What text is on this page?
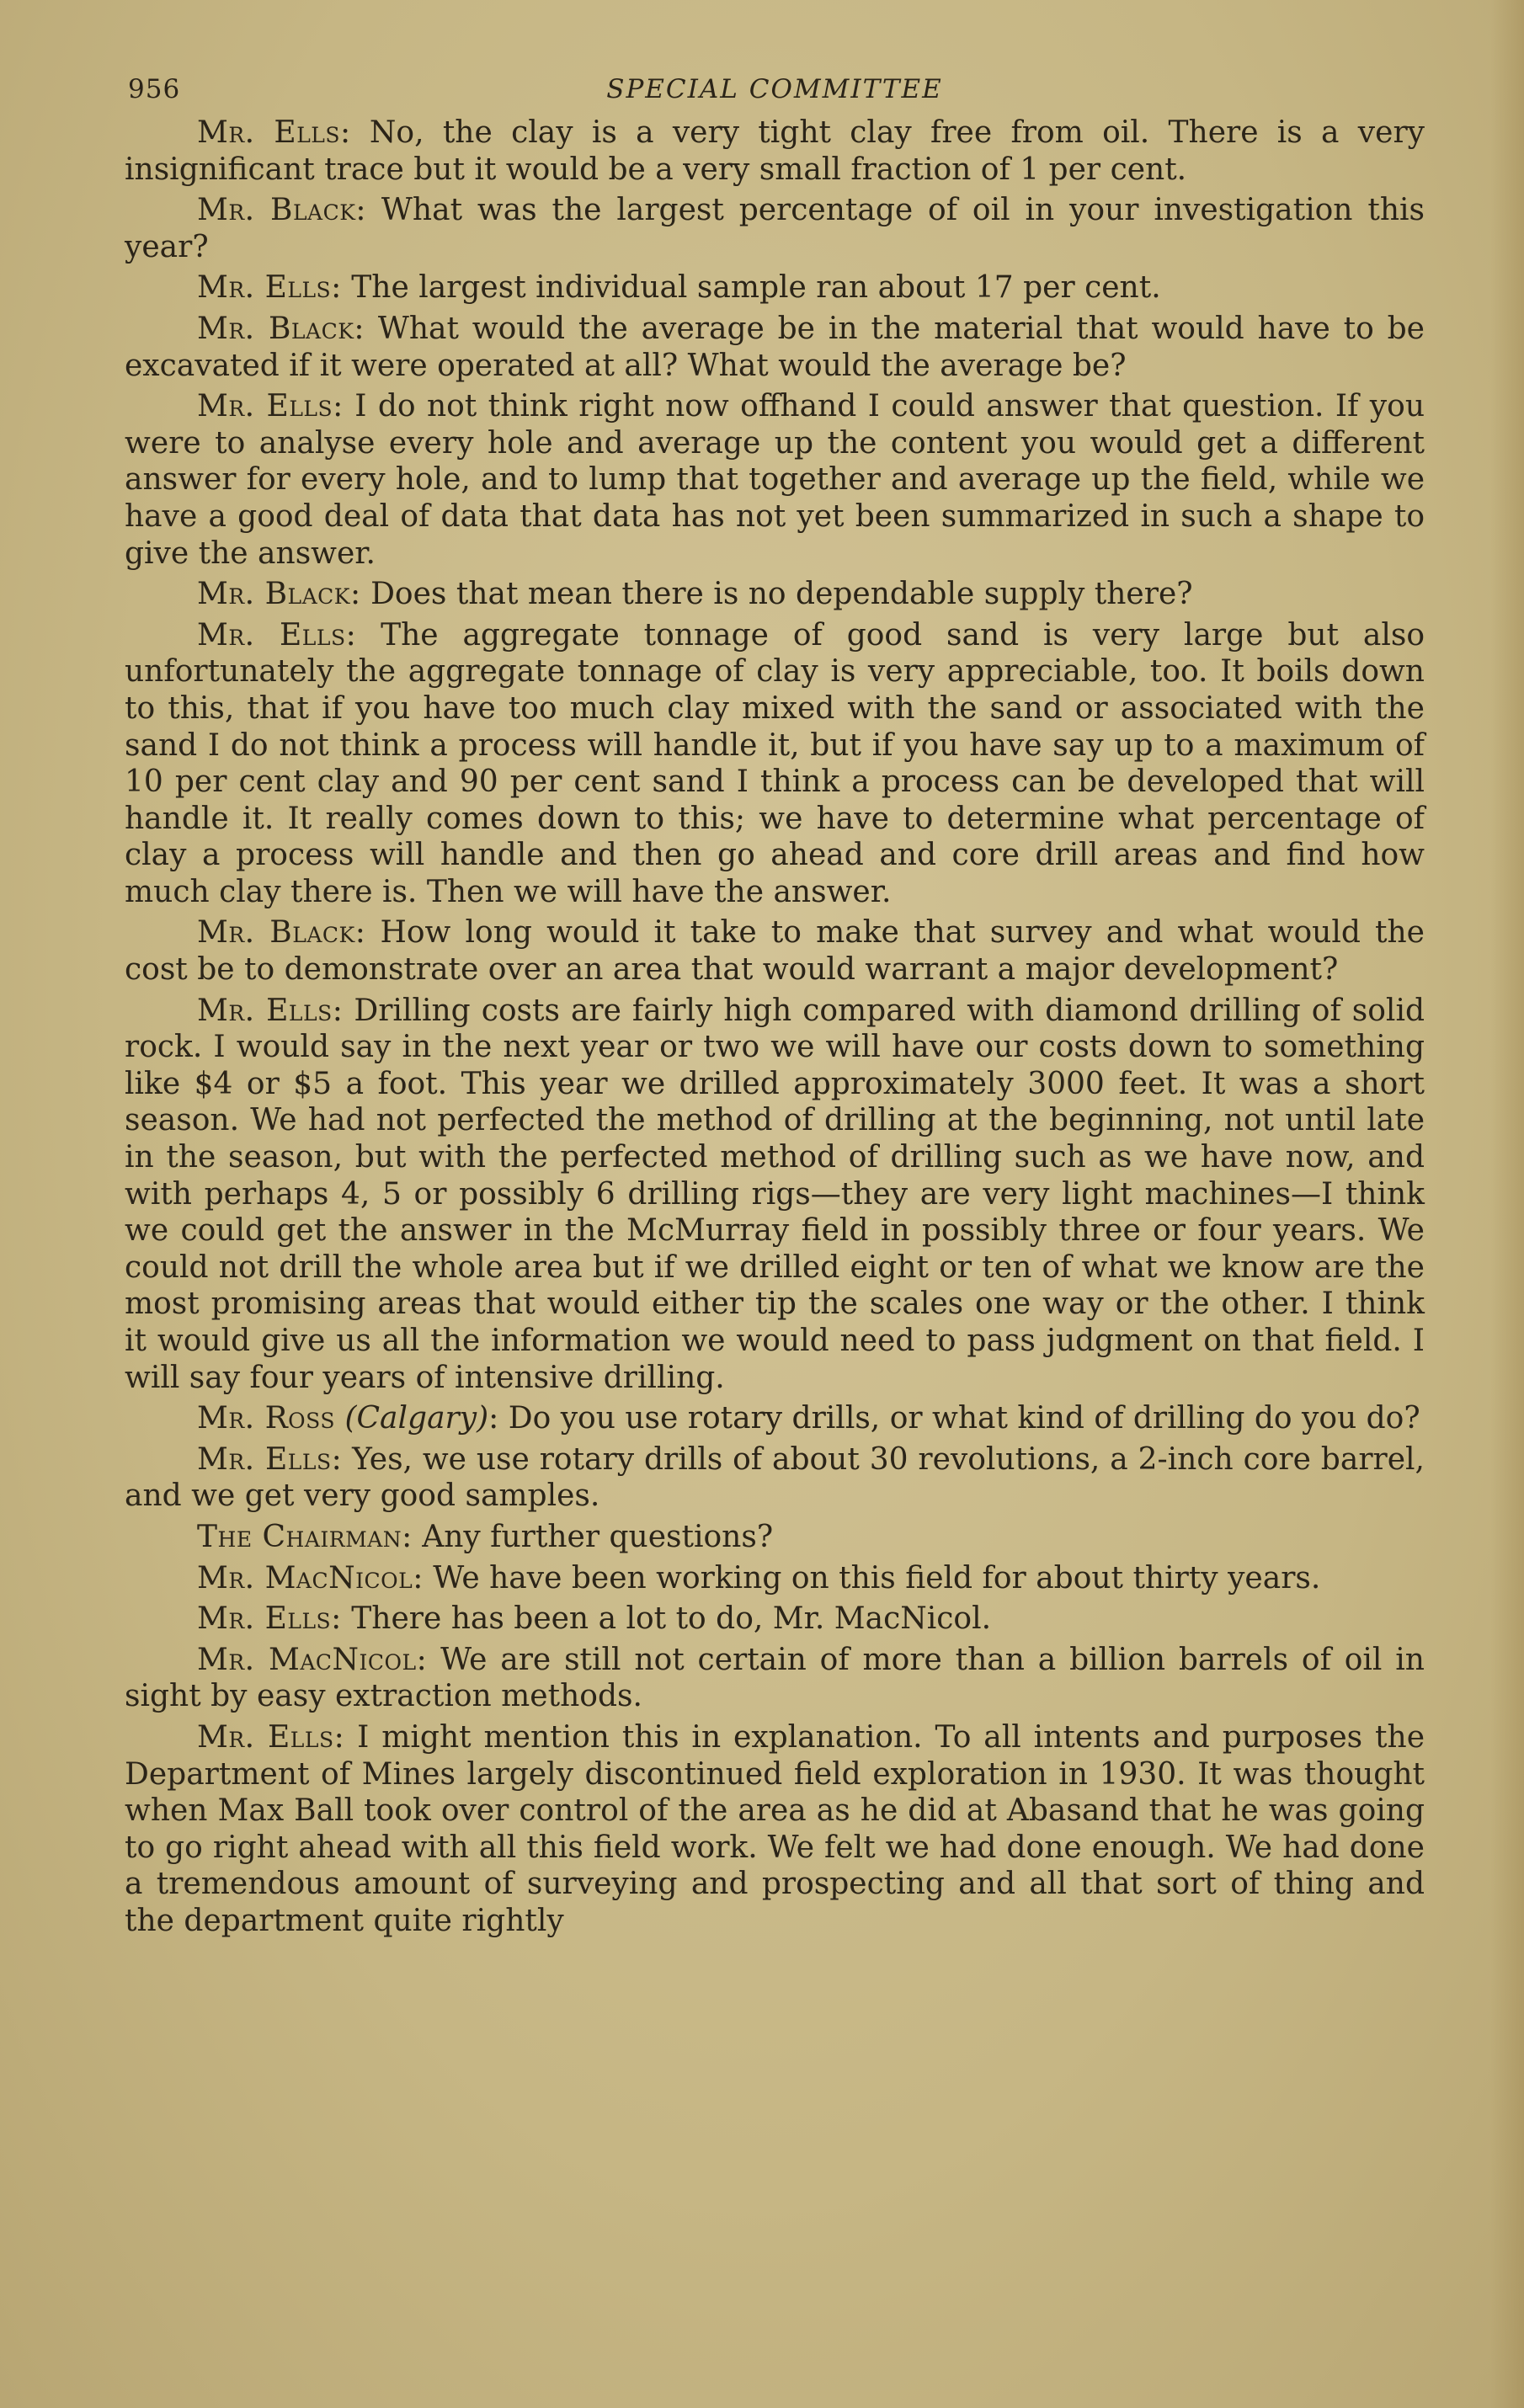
956	SPECIAL COMMITTEE

Mr. Ells: No, the clay is a very tight clay free from oil. There is a very insignificant trace but it would be a very small fraction of 1 per cent.

Mr. Black: What was the largest percentage of oil in your investigation this year?

Mr. Ells: The largest individual sample ran about 17 per cent.

Mr. Black: What would the average be in the material that would have to be excavated if it were operated at all? What would the average be?

Mr. Ells: I do not think right now offhand I could answer that question. If you were to analyse every hole and average up the content you would get a different answer for every hole, and to lump that together and average up the field, while we have a good deal of data that data has not yet been summarized in such a shape to give the answer.

Mr. Black: Does that mean there is no dependable supply there?

Mr. Ells: The aggregate tonnage of good sand is very large but also unfortunately the aggregate tonnage of clay is very appreciable, too. It boils down to this, that if you have too much clay mixed with the sand or associated with the sand I do not think a process will handle it, but if you have say up to a maximum of 10 per cent clay and 90 per cent sand I think a process can be developed that will handle it. It really comes down to this; we have to determine what percentage of clay a process will handle and then go ahead and core drill areas and find how much clay there is. Then we will have the answer.

Mr. Black: How long would it take to make that survey and what would the cost be to demonstrate over an area that would warrant a major development?

Mr. Ells: Drilling costs are fairly high compared with diamond drilling of solid rock. I would say in the next year or two we will have our costs down to something like $4 or $5 a foot. This year we drilled approximately 3000 feet. It was a short season. We had not perfected the method of drilling at the beginning, not until late in the season, but with the perfected method of drilling such as we have now, and with perhaps 4, 5 or possibly 6 drilling rigs—they are very light machines—I think we could get the answer in the McMurray field in possibly three or four years. We could not drill the whole area but if we drilled eight or ten of what we know are the most promising areas that would either tip the scales one way or the other. I think it would give us all the information we would need to pass judgment on that field. I will say four years of intensive drilling.

Mr. Ross (Calgary): Do you use rotary drills, or what kind of drilling do you do?

Mr. Ells: Yes, we use rotary drills of about 30 revolutions, a 2-inch core barrel, and we get very good samples.

The Chairman: Any further questions?

Mr. MacNicol: We have been working on this field for about thirty years.

Mr. Ells: There has been a lot to do, Mr. MacNicol.

Mr. MacNicol: We are still not certain of more than a billion barrels of oil in sight by easy extraction methods.

Mr. Ells: I might mention this in explanation. To all intents and purposes the Department of Mines largely discontinued field exploration in 1930. It was thought when Max Ball took over control of the area as he did at Abasand that he was going to go right ahead with all this field work. We felt we had done enough. We had done a tremendous amount of surveying and prospecting and all that sort of thing and the department quite rightly
